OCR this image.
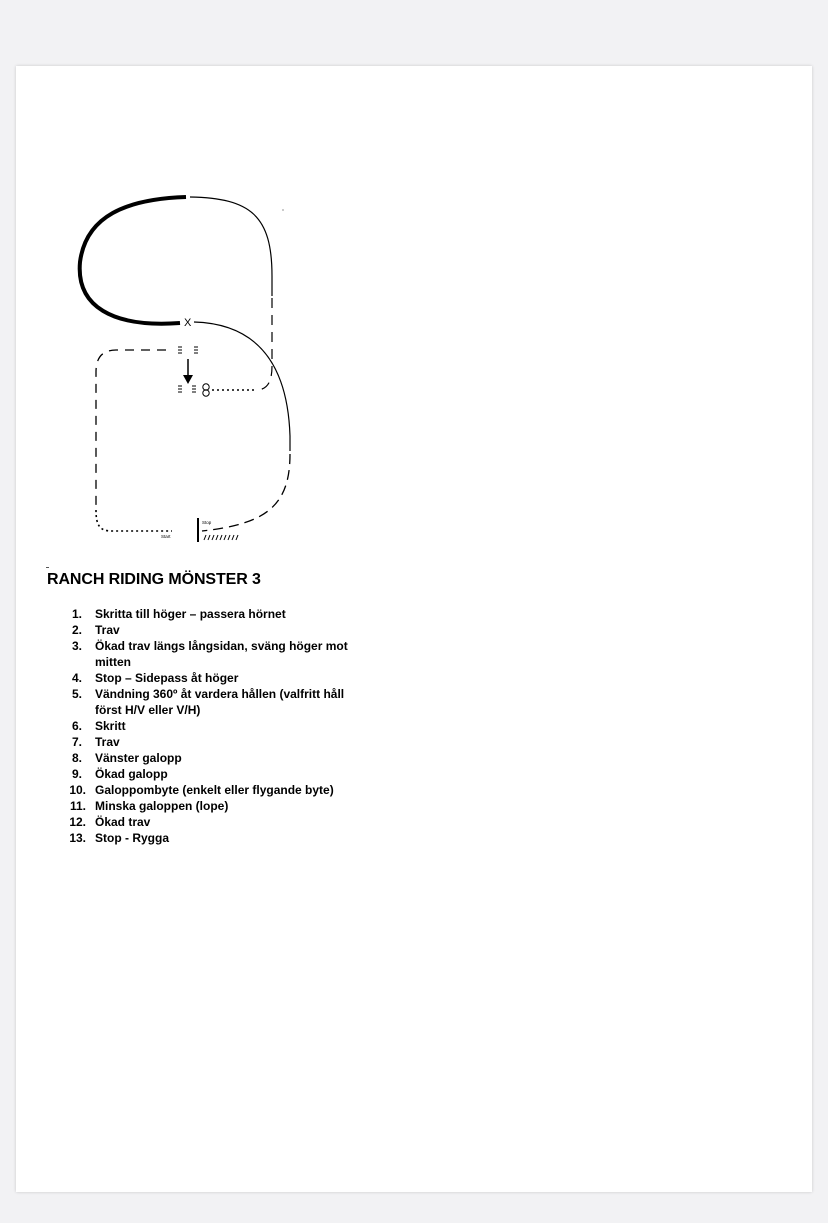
X
Stop
Start
RANCH RIDING MÖNSTER 3
1.	Skritta till höger – passera hörnet
2.	Trav
3.	Ökad trav längs långsidan, sväng höger mot mitten
4.	Stop – Sidepass åt höger
5.	Vändning 360º åt vardera hållen (valfritt håll först H/V eller V/H)
6.	Skritt
7.	Trav
8.	Vänster galopp
9.	Ökad galopp
10. Galoppombyte (enkelt eller flygande byte)
11. Minska galoppen (lope)
12. Ökad trav
13. Stop - Rygga
